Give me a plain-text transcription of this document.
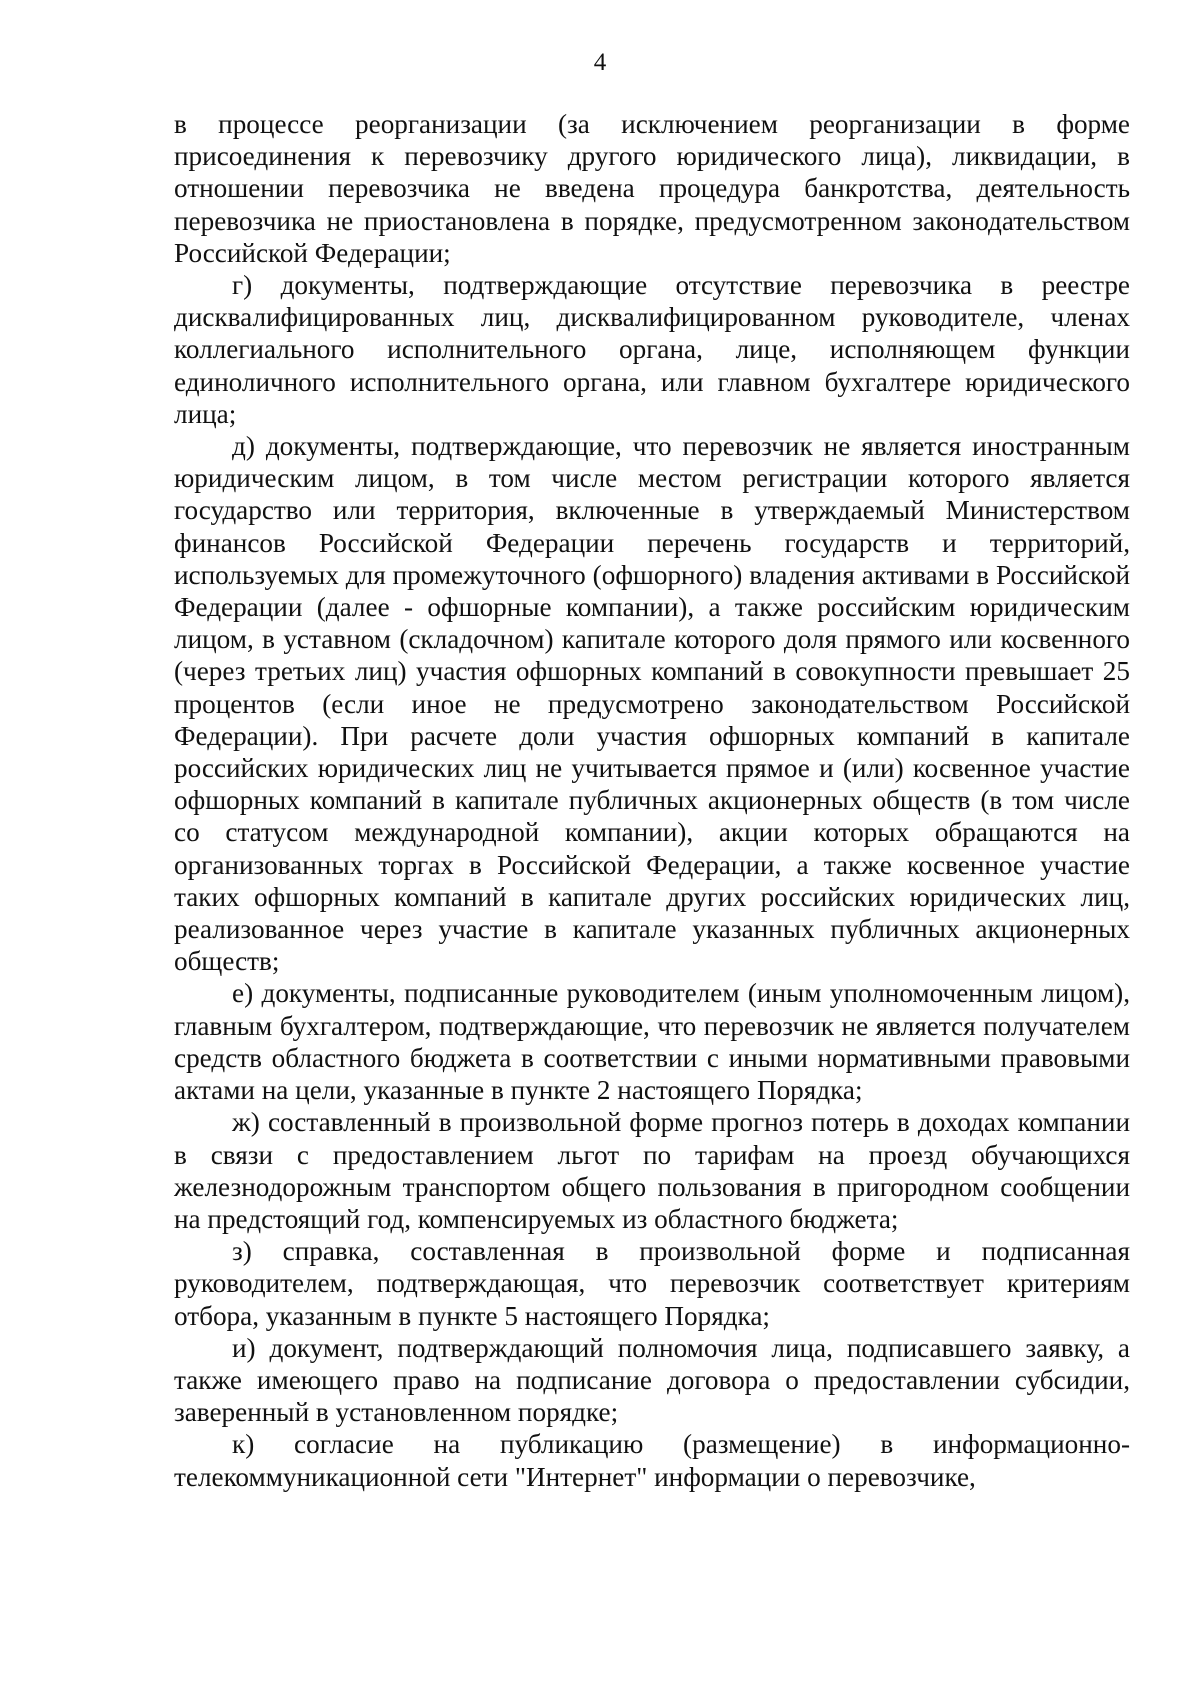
4

в процессе реорганизации (за исключением реорганизации в форме присоединения к перевозчику другого юридического лица), ликвидации, в отношении перевозчика не введена процедура банкротства, деятельность перевозчика не приостановлена в порядке, предусмотренном законодательством Российской Федерации;

г) документы, подтверждающие отсутствие перевозчика в реестре дисквалифицированных лиц, дисквалифицированном руководителе, членах коллегиального исполнительного органа, лице, исполняющем функции единоличного исполнительного органа, или главном бухгалтере юридического лица;

д) документы, подтверждающие, что перевозчик не является иностранным юридическим лицом, в том числе местом регистрации которого является государство или территория, включенные в утверждаемый Министерством финансов Российской Федерации перечень государств и территорий, используемых для промежуточного (офшорного) владения активами в Российской Федерации (далее - офшорные компании), а также российским юридическим лицом, в уставном (складочном) капитале которого доля прямого или косвенного (через третьих лиц) участия офшорных компаний в совокупности превышает 25 процентов (если иное не предусмотрено законодательством Российской Федерации). При расчете доли участия офшорных компаний в капитале российских юридических лиц не учитывается прямое и (или) косвенное участие офшорных компаний в капитале публичных акционерных обществ (в том числе со статусом международной компании), акции которых обращаются на организованных торгах в Российской Федерации, а также косвенное участие таких офшорных компаний в капитале других российских юридических лиц, реализованное через участие в капитале указанных публичных акционерных обществ;

е) документы, подписанные руководителем (иным уполномоченным лицом), главным бухгалтером, подтверждающие, что перевозчик не является получателем средств областного бюджета в соответствии с иными нормативными правовыми актами на цели, указанные в пункте 2 настоящего Порядка;

ж) составленный в произвольной форме прогноз потерь в доходах компании в связи с предоставлением льгот по тарифам на проезд обучающихся железнодорожным транспортом общего пользования в пригородном сообщении на предстоящий год, компенсируемых из областного бюджета;

з) справка, составленная в произвольной форме и подписанная руководителем, подтверждающая, что перевозчик соответствует критериям отбора, указанным в пункте 5 настоящего Порядка;

и) документ, подтверждающий полномочия лица, подписавшего заявку, а также имеющего право на подписание договора о предоставлении субсидии, заверенный в установленном порядке;

к) согласие на публикацию (размещение) в информационно-телекоммуникационной сети "Интернет" информации о перевозчике,
